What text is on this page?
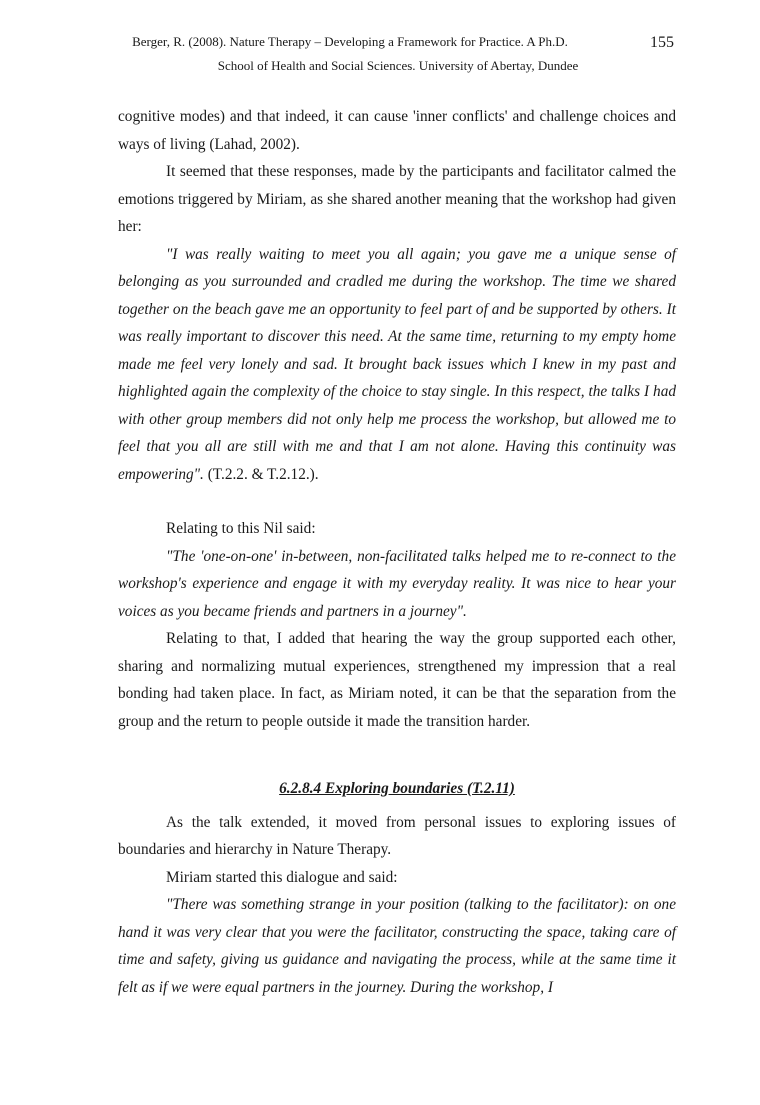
Berger, R. (2008). Nature Therapy – Developing a Framework for Practice. A Ph.D.	155
School of Health and Social Sciences. University of Abertay, Dundee

cognitive modes) and that indeed, it can cause 'inner conflicts' and challenge choices and ways of living (Lahad, 2002).

It seemed that these responses, made by the participants and facilitator calmed the emotions triggered by Miriam, as she shared another meaning that the workshop had given her:

"I was really waiting to meet you all again; you gave me a unique sense of belonging as you surrounded and cradled me during the workshop. The time we shared together on the beach gave me an opportunity to feel part of and be supported by others. It was really important to discover this need. At the same time, returning to my empty home made me feel very lonely and sad. It brought back issues which I knew in my past and highlighted again the complexity of the choice to stay single. In this respect, the talks I had with other group members did not only help me process the workshop, but allowed me to feel that you all are still with me and that I am not alone. Having this continuity was empowering". (T.2.2. & T.2.12.).

Relating to this Nil said:

"The 'one-on-one' in-between, non-facilitated talks helped me to re-connect to the workshop's experience and engage it with my everyday reality. It was nice to hear your voices as you became friends and partners in a journey".

Relating to that, I added that hearing the way the group supported each other, sharing and normalizing mutual experiences, strengthened my impression that a real bonding had taken place. In fact, as Miriam noted, it can be that the separation from the group and the return to people outside it made the transition harder.

6.2.8.4 Exploring boundaries (T.2.11)

As the talk extended, it moved from personal issues to exploring issues of boundaries and hierarchy in Nature Therapy.

Miriam started this dialogue and said:

"There was something strange in your position (talking to the facilitator): on one hand it was very clear that you were the facilitator, constructing the space, taking care of time and safety, giving us guidance and navigating the process, while at the same time it felt as if we were equal partners in the journey. During the workshop, I
